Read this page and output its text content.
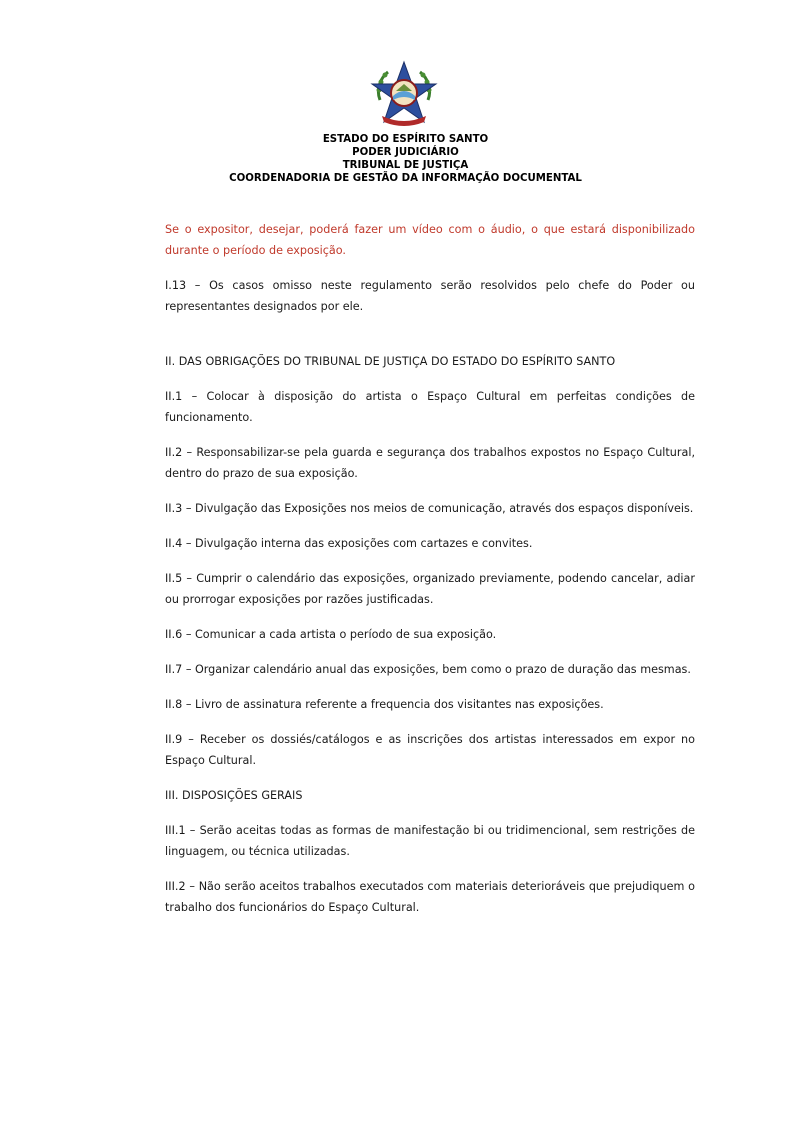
ESTADO DO ESPÍRITO SANTO
PODER JUDICIÁRIO
TRIBUNAL DE JUSTIÇA
COORDENADORIA DE GESTÃO DA INFORMAÇÃO DOCUMENTAL

Se o expositor, desejar, poderá fazer um vídeo com o áudio, o que estará disponibilizado durante o período de exposição.

I.13 – Os casos omisso neste regulamento serão resolvidos pelo chefe do Poder ou representantes designados por ele.

II. DAS OBRIGAÇÕES DO TRIBUNAL DE JUSTIÇA DO ESTADO DO ESPÍRITO SANTO

II.1 – Colocar à disposição do artista o Espaço Cultural em perfeitas condições de funcionamento.

II.2 – Responsabilizar-se pela guarda e segurança dos trabalhos expostos no Espaço Cultural, dentro do prazo de sua exposição.

II.3 – Divulgação das Exposições nos meios de comunicação, através dos espaços disponíveis.

II.4 – Divulgação interna das exposições com cartazes e convites.

II.5 – Cumprir o calendário das exposições, organizado previamente, podendo cancelar, adiar ou prorrogar exposições por razões justificadas.

II.6 – Comunicar a cada artista o período de sua exposição.

II.7 – Organizar calendário anual das exposições, bem como o prazo de duração das mesmas.

II.8 – Livro de assinatura referente a frequencia dos visitantes nas exposições.

II.9 – Receber os dossiés/catálogos e as inscrições dos artistas interessados em expor no Espaço Cultural.

III. DISPOSIÇÕES GERAIS

III.1 – Serão aceitas todas as formas de manifestação bi ou tridimencional, sem restrições de linguagem, ou técnica utilizadas.

III.2 – Não serão aceitos trabalhos executados com materiais deterioráveis que prejudiquem o trabalho dos funcionários do Espaço Cultural.
